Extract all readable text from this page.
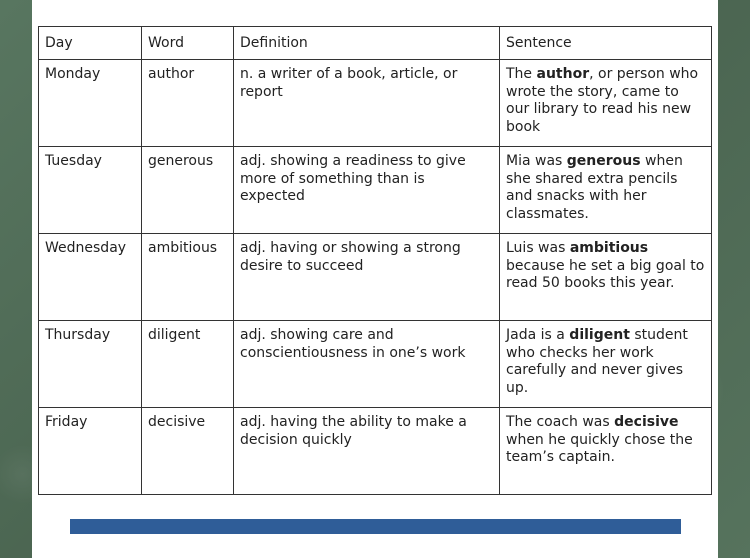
Day	Word	Definition	Sentence
Monday	author	n. a writer of a book, article, or report	The author, or person who wrote the story, came to our library to read his new book
Tuesday	generous	adj. showing a readiness to give more of something than is expected	Mia was generous when she shared extra pencils and snacks with her classmates.
Wednesday	ambitious	adj. having or showing a strong desire to succeed	Luis was ambitious because he set a big goal to read 50 books this year.
Thursday	diligent	adj. showing care and conscientiousness in one’s work	Jada is a diligent student who checks her work carefully and never gives up.
Friday	decisive	adj. having the ability to make a decision quickly	The coach was decisive when he quickly chose the team’s captain.
